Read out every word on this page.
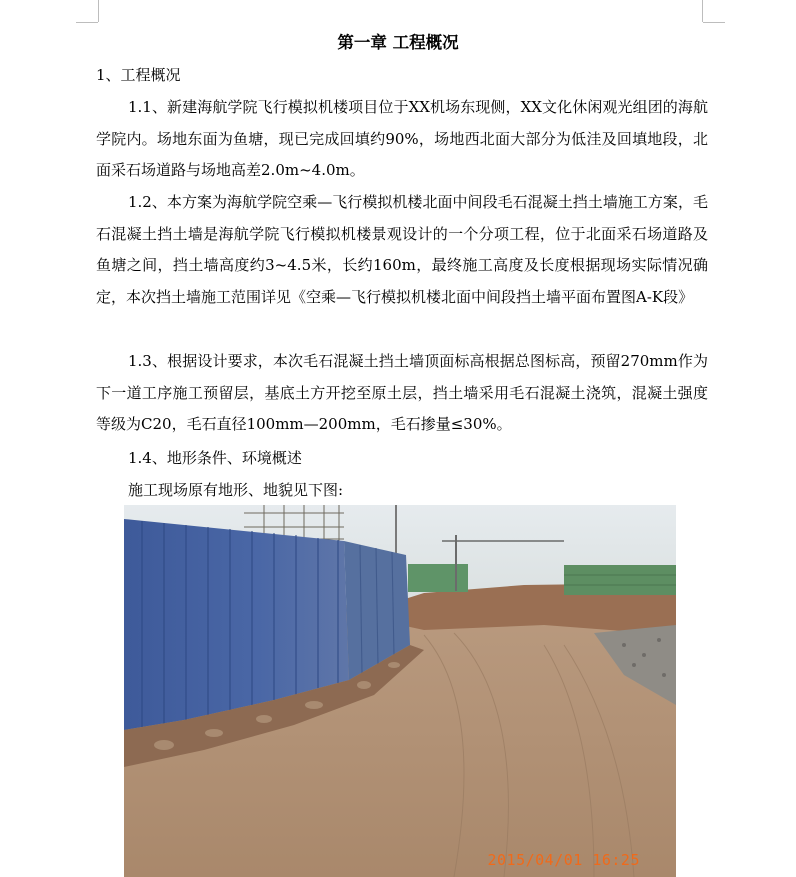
第一章 工程概况
1、工程概况
1.1、新建海航学院飞行模拟机楼项目位于XX机场东现侧，XX文化休闲观光组团的海航学院内。场地东面为鱼塘，现已完成回填约90%，场地西北面大部分为低洼及回填地段，北面采石场道路与场地高差2.0m~4.0m。
1.2、本方案为海航学院空乘—飞行模拟机楼北面中间段毛石混凝土挡土墙施工方案，毛石混凝土挡土墙是海航学院飞行模拟机楼景观设计的一个分项工程，位于北面采石场道路及鱼塘之间，挡土墙高度约3~4.5米，长约160m，最终施工高度及长度根据现场实际情况确定，本次挡土墙施工范围详见《空乘—飞行模拟机楼北面中间段挡土墙平面布置图A-K段》
1.3、根据设计要求，本次毛石混凝土挡土墙顶面标高根据总图标高，预留270mm作为下一道工序施工预留层，基底土方开挖至原土层，挡土墙采用毛石混凝土浇筑，混凝土强度等级为C20，毛石直径100mm—200mm，毛石掺量≤30%。
1.4、地形条件、环境概述
施工现场原有地形、地貌见下图:
2015/04/01 16:25
